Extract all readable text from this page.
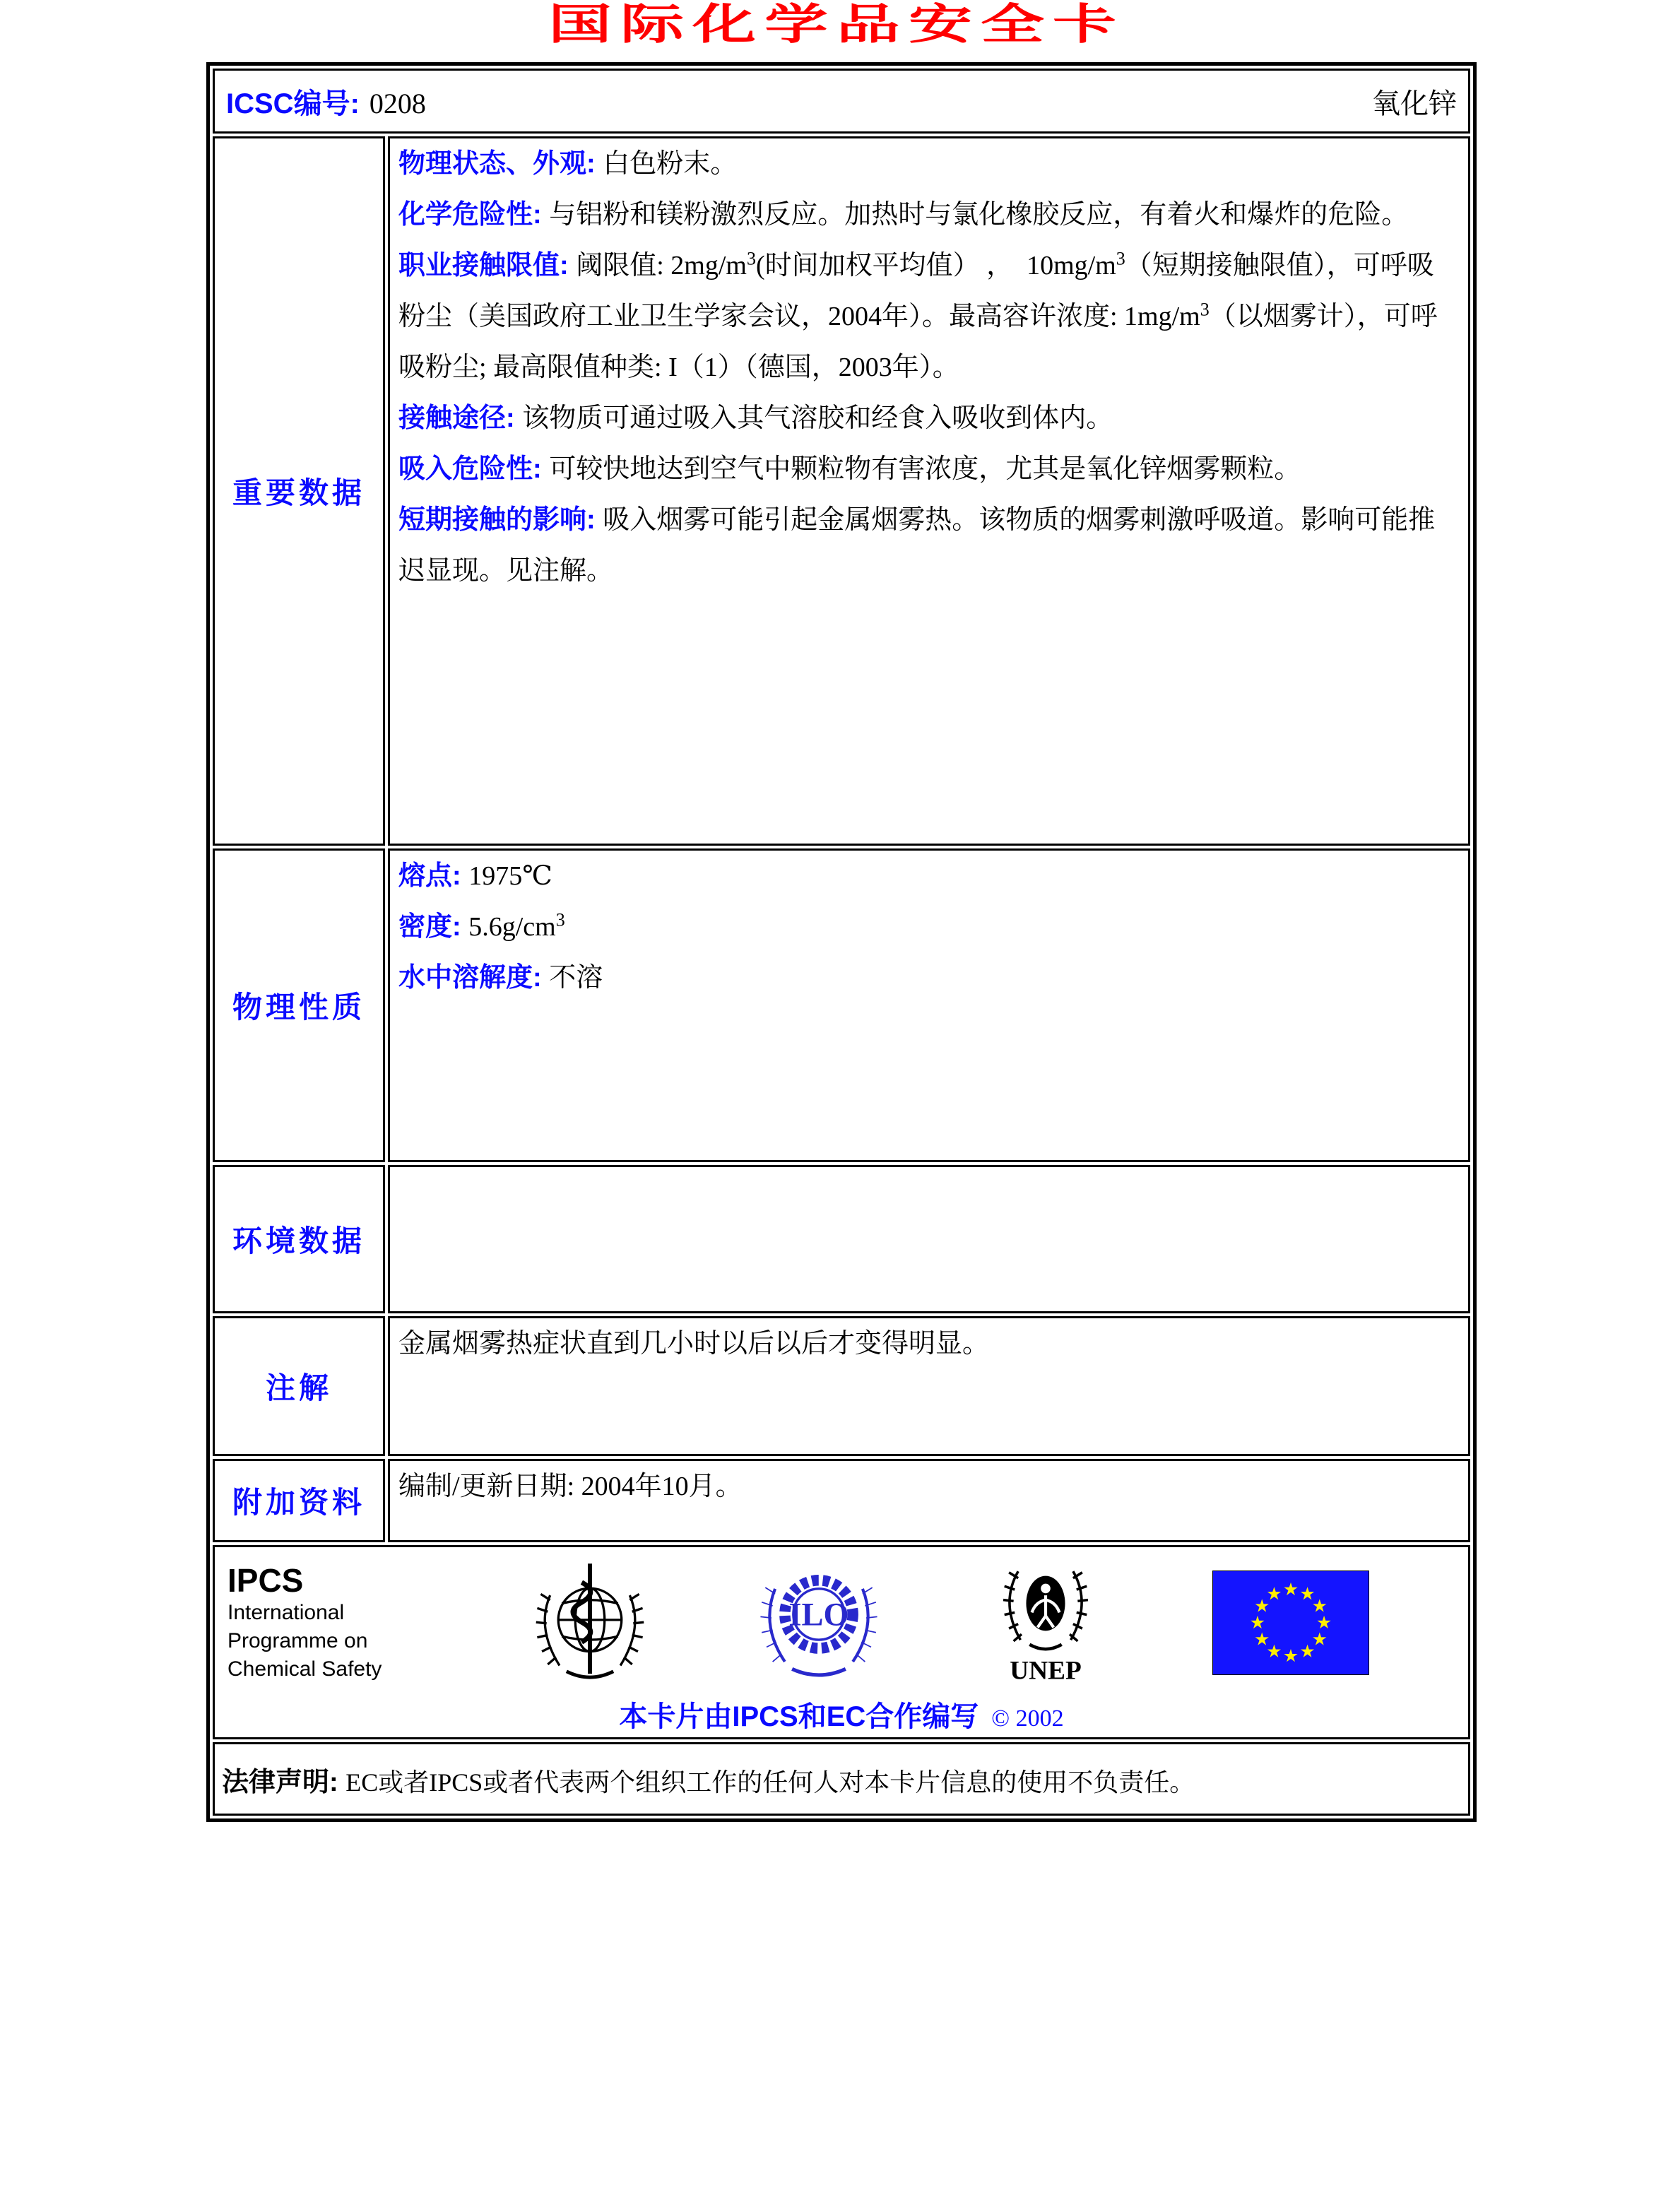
国际化学品安全卡
ICSC编号: 0208 氧化锌	

重要数据	
物理状态、外观: 白色粉末。
化学危险性: 与铝粉和镁粉激烈反应。加热时与氯化橡胶反应，有着火和爆炸的危险。
职业接触限值: 阈限值: $2mg/m^3$(时间加权平均值） ，  $10mg/m^3$（短期接触限值），可呼吸粉尘（美国政府工业卫生学家会议，2004年）。最高容许浓度: $1mg/m^3$（以烟雾计），可呼吸粉尘; 最高限值种类: I（1）（德国，2003年）。
接触途径: 该物质可通过吸入其气溶胶和经食入吸收到体内。
吸入危险性: 可较快地达到空气中颗粒物有害浓度，尤其是氧化锌烟雾颗粒。
短期接触的影响: 吸入烟雾可能引起金属烟雾热。该物质的烟雾刺激呼吸道。影响可能推迟显现。见注解。

物理性质	熔点: 1975℃
密度: $5.6g/cm^3$
水中溶解度: 不溶

环境数据	
注解	金属烟雾热症状直到几小时以后以后才变得明显。

附加资料	编制/更新日期: 2004年10月。

IPCS
International
Programme on
Chemical Safety
ILO
UNEP
本卡片由IPCS和EC合作编写 © 2002

法律声明: EC或者IPCS或者代表两个组织工作的任何人对本卡片信息的使用不负责任。	
